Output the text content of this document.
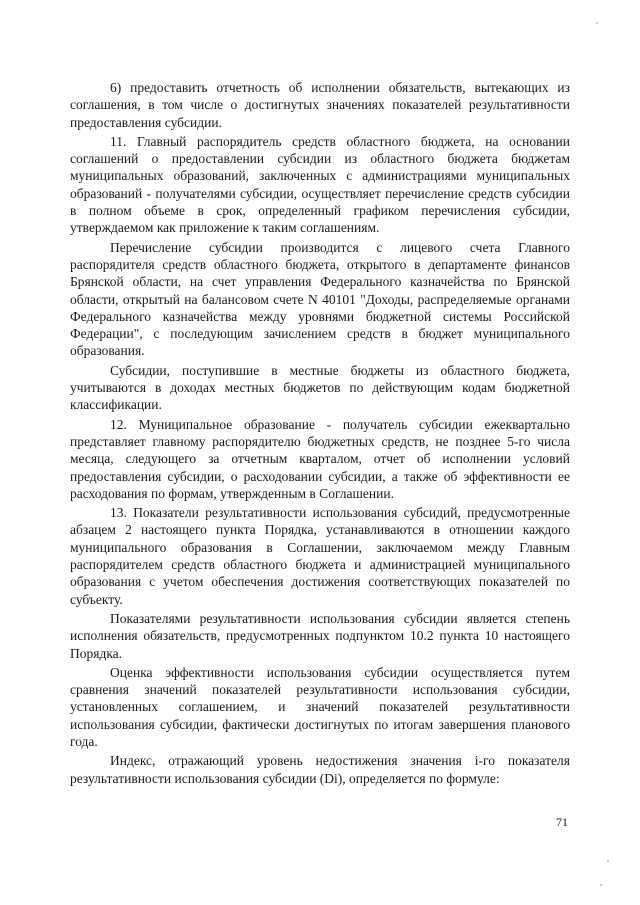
6) предоставить отчетность об исполнении обязательств, вытекающих из соглашения, в том числе о достигнутых значениях показателей результативности предоставления субсидии.

11. Главный распорядитель средств областного бюджета, на основании соглашений о предоставлении субсидии из областного бюджета бюджетам муниципальных образований, заключенных с администрациями муниципальных образований - получателями субсидии, осуществляет перечисление средств субсидии в полном объеме в срок, определенный графиком перечисления субсидии, утверждаемом как приложение к таким соглашениям.

Перечисление субсидии производится с лицевого счета Главного распорядителя средств областного бюджета, открытого в департаменте финансов Брянской области, на счет управления Федерального казначейства по Брянской области, открытый на балансовом счете N 40101 "Доходы, распределяемые органами Федерального казначейства между уровнями бюджетной системы Российской Федерации", с последующим зачислением средств в бюджет муниципального образования.

Субсидии, поступившие в местные бюджеты из областного бюджета, учитываются в доходах местных бюджетов по действующим кодам бюджетной классификации.

12. Муниципальное образование - получатель субсидии ежеквартально представляет главному распорядителю бюджетных средств, не позднее 5-го числа месяца, следующего за отчетным кварталом, отчет об исполнении условий предоставления субсидии, о расходовании субсидии, а также об эффективности ее расходования по формам, утвержденным в Соглашении.

13. Показатели результативности использования субсидий, предусмотренные абзацем 2 настоящего пункта Порядка, устанавливаются в отношении каждого муниципального образования в Соглашении, заключаемом между Главным распорядителем средств областного бюджета и администрацией муниципального образования с учетом обеспечения достижения соответствующих показателей по субъекту.

Показателями результативности использования субсидии является степень исполнения обязательств, предусмотренных подпунктом 10.2 пункта 10 настоящего Порядка.

Оценка эффективности использования субсидии осуществляется путем сравнения значений показателей результативности использования субсидии, установленных соглашением, и значений показателей результативности использования субсидии, фактически достигнутых по итогам завершения планового года.

Индекс, отражающий уровень недостижения значения i-го показателя результативности использования субсидии (Di), определяется по формуле:

71
